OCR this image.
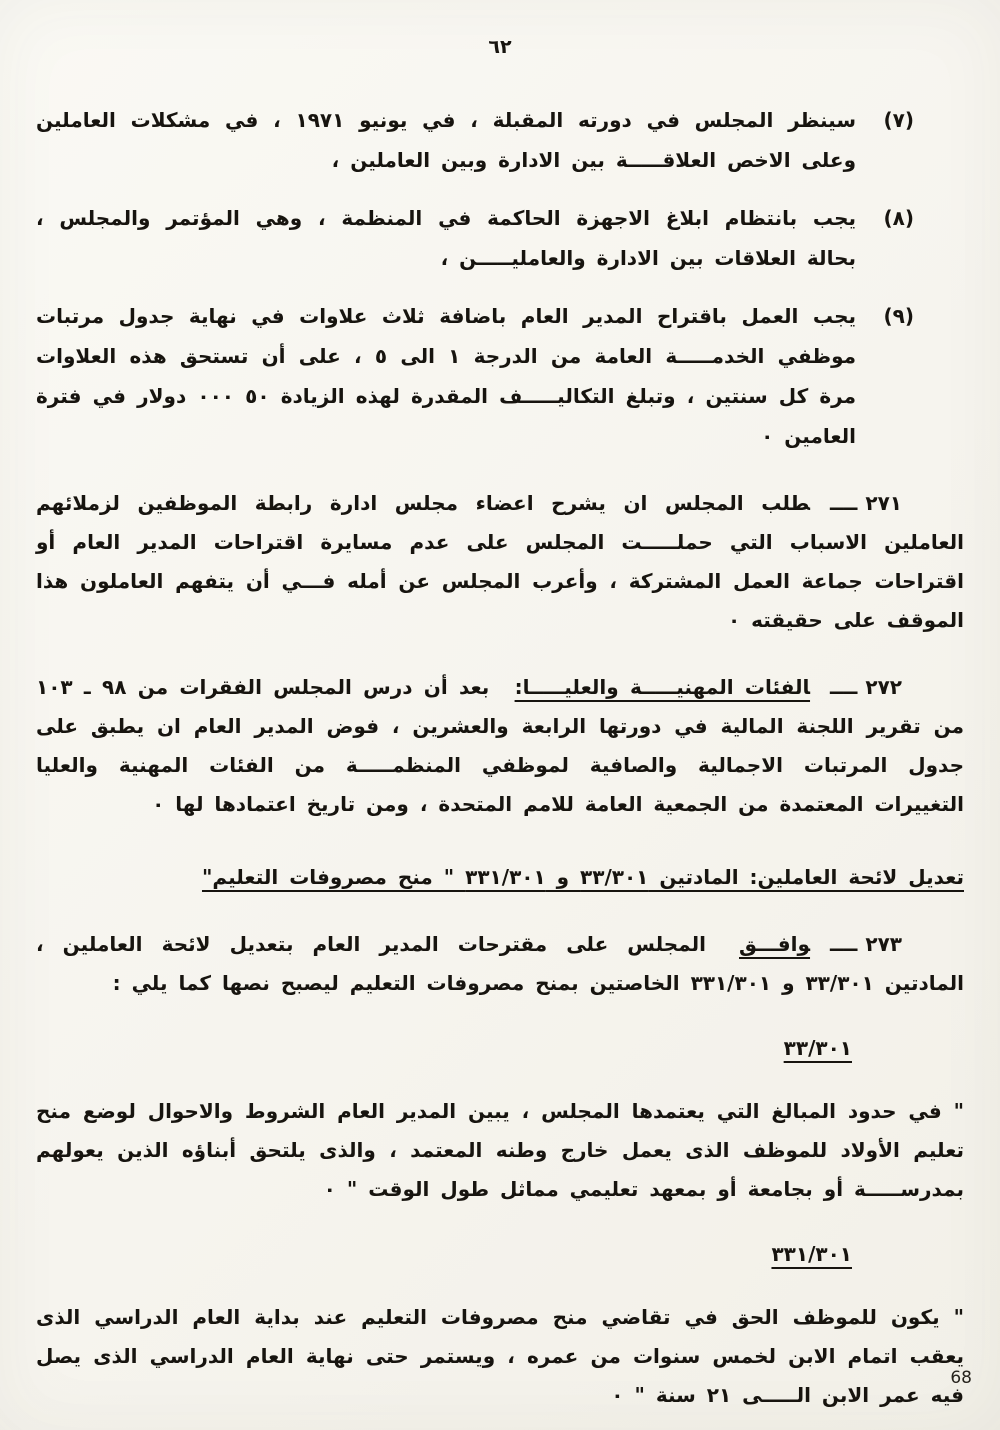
٦٢
(٧)
سينظر المجلس في دورته المقبلة ، في يونيو ١٩٧١ ، في مشكلات العاملين وعلى الاخص العلاقـــــة بين الادارة وبين العاملين ،
(٨)
يجب بانتظام ابلاغ الاجهزة الحاكمة في المنظمة ، وهي المؤتمر والمجلس ، بحالة العلاقات بين الادارة والعامليـــــن ،
(٩)
يجب العمل باقتراح المدير العام باضافة ثلاث علاوات في نهاية جدول مرتبات موظفي الخدمـــــة العامة من الدرجة ١ الى ٥ ، على أن تستحق هذه العلاوات مرة كل سنتين ، وتبلغ التكاليـــــف المقدرة لهذه الزيادة ٥٠ ٠٠٠ دولار في فترة العامين ٠

٢٧١ــــطلب المجلس ان يشرح اعضاء مجلس ادارة رابطة الموظفين لزملائهم العاملين الاسباب التي حملـــــت المجلس على عدم مسايرة اقتراحات المدير العام أو اقتراحات جماعة العمل المشتركة ، وأعرب المجلس عن أمله فـــي أن يتفهم العاملون هذا الموقف على حقيقته ٠

٢٧٢ــــالفئات المهنيـــــة والعليـــــا: بعد أن درس المجلس الفقرات من ٩٨ ـ ١٠٣ من تقرير اللجنة المالية في دورتها الرابعة والعشرين ، فوض المدير العام ان يطبق على جدول المرتبات الاجمالية والصافية لموظفي المنظمـــــة من الفئات المهنية والعليا التغييرات المعتمدة من الجمعية العامة للامم المتحدة ، ومن تاريخ اعتمادها لها ٠

تعديل لائحة العاملين: المادتين ٣٣/٣٠١ و ٣٣١/٣٠١ " منح مصروفات التعليم"

٢٧٣ــــوافـــق المجلس على مقترحات المدير العام بتعديل لائحة العاملين ، المادتين ٣٣/٣٠١ و ٣٣١/٣٠١ الخاصتين بمنح مصروفات التعليم ليصبح نصها كما يلي :

٣٣/٣٠١

" في حدود المبالغ التي يعتمدها المجلس ، يبين المدير العام الشروط والاحوال لوضع منح تعليم الأولاد للموظف الذى يعمل خارج وطنه المعتمد ، والذى يلتحق أبناؤه الذين يعولهم بمدرســـــة أو بجامعة أو بمعهد تعليمي مماثل طول الوقت " ٠

٣٣١/٣٠١

" يكون للموظف الحق في تقاضي منح مصروفات التعليم عند بداية العام الدراسي الذى يعقب اتمام الابن لخمس سنوات من عمره ، ويستمر حتى نهاية العام الدراسي الذى يصل فيه عمر الابن الـــــى ٢١ سنة " ٠

68
